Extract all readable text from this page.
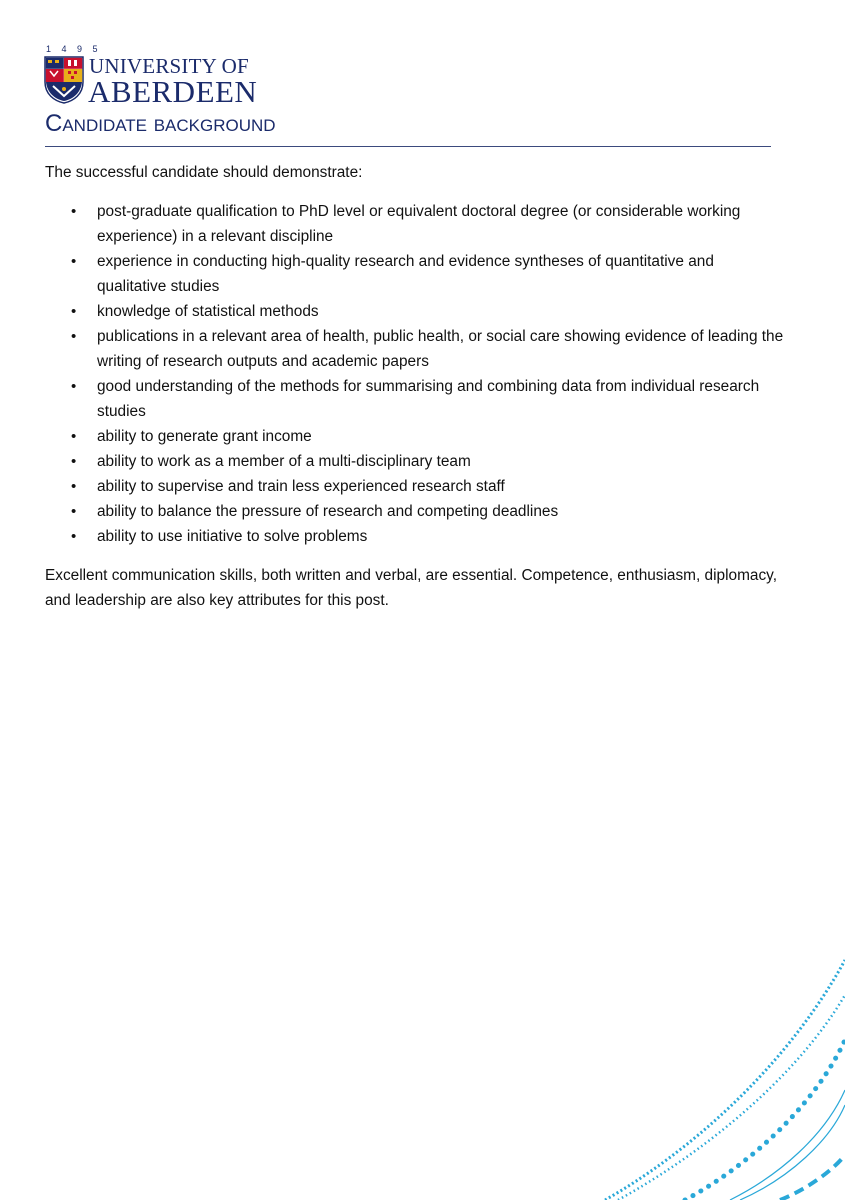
1 4 9 5
UNIVERSITY OF
ABERDEEN
Candidate background

The successful candidate should demonstrate:

• post-graduate qualification to PhD level or equivalent doctoral degree (or considerable working experience) in a relevant discipline
• experience in conducting high-quality research and evidence syntheses of quantitative and qualitative studies
• knowledge of statistical methods
• publications in a relevant area of health, public health, or social care showing evidence of leading the writing of research outputs and academic papers
• good understanding of the methods for summarising and combining data from individual research studies
• ability to generate grant income
• ability to work as a member of a multi-disciplinary team
• ability to supervise and train less experienced research staff
• ability to balance the pressure of research and competing deadlines
• ability to use initiative to solve problems

Excellent communication skills, both written and verbal, are essential. Competence, enthusiasm, diplomacy, and leadership are also key attributes for this post.
